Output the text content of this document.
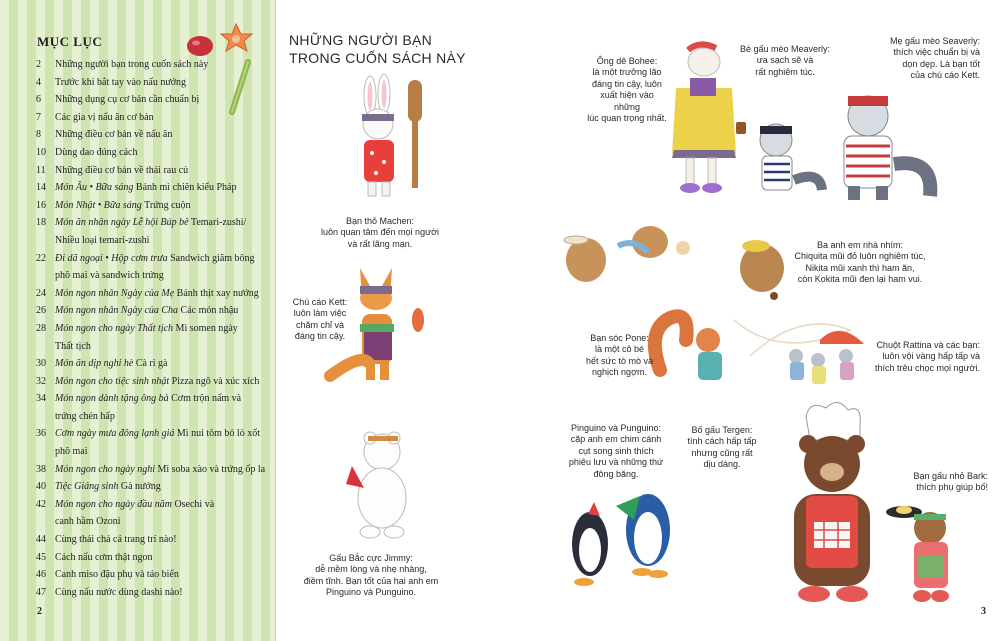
MỤC LỤC
2	Những người bạn trong cuốn sách này
4	Trước khi bắt tay vào nấu nướng
6	Những dụng cụ cơ bản cần chuẩn bị
7	Các gia vị nấu ăn cơ bản
8	Những điều cơ bản về nấu ăn
10 Dùng dao đúng cách
11 Những điều cơ bản về thái rau củ
14 Món Âu • Bữa sáng Bánh mì chiên kiểu Pháp
16 Món Nhật • Bữa sáng Trứng cuộn
18 Món ăn nhân ngày Lễ hội Búp bê Temari-zushi/
Nhiều loại temari-zushi
22 Đi dã ngoại • Hộp cơm trưa Sandwich giăm bông
phô mai và sandwich trứng
24 Món ngon nhân Ngày của Mẹ Bánh thịt xay nướng
26 Món ngon nhân Ngày của Cha Các món nhậu
28 Món ngon cho ngày Thất tịch Mì somen ngày
Thất tịch
30 Món ăn dịp nghỉ hè Cà ri gà
32 Món ngon cho tiệc sinh nhật Pizza ngô và xúc xích
34 Món ngon dành tặng ông bà Cơm trộn nấm và
trứng chén hấp
36 Cơm ngày mưa đông lạnh giá Mì nui tôm bỏ lò xốt
phô mai
38 Món ngon cho ngày nghỉ Mì soba xào và trứng ốp la
40 Tiệc Giáng sinh Gà nướng
42 Món ngon cho ngày đầu năm Osechi và
canh hầm Ozoni
44 Cùng thái chả cá trang trí nào!
45 Cách nấu cơm thật ngon
46 Canh miso đậu phụ và tảo biển
47 Cùng nấu nước dùng dashi nào!
2
NHỮNG NGƯỜI BẠN
TRONG CUỐN SÁCH NÀY
Bạn thỏ Machen:
luôn quan tâm đến mọi người
và rất lãng mạn.
Chú cáo Kett:
luôn làm việc
chăm chỉ và
đáng tin cậy.
Gấu Bắc cực Jimmy:
dễ mềm lòng và nhẹ nhàng,
điềm tĩnh. Bạn tốt của hai anh em
Pinguino và Punguino.
Ông dê Bohee:
là một trưởng lão
đáng tin cậy, luôn
xuất hiện vào những
lúc quan trọng nhất.
Bé gấu mèo Meaverly:
ưa sạch sẽ và
rất nghiêm túc.
Mẹ gấu mèo Seaverly:
thích việc chuẩn bị và
dọn dẹp. Là bạn tốt
của chú cáo Kett.
Ba anh em nhà nhím:
Chiquita mũi đỏ luôn nghiêm túc,
Nikita mũi xanh thì ham ăn,
còn Kokita mũi đen lại ham vui.
Bạn sóc Pone:
là một cô bé
hết sức tò mò và
nghịch ngợm.
Chuột Rattina và các bạn:
luôn vội vàng hấp tấp và
thích trêu chọc mọi người.
Pinguino và Punguino:
cặp anh em chim cánh
cụt song sinh thích
phiêu lưu và những thứ
đông băng.
Bố gấu Tergen:
tính cách hấp tấp
nhưng cũng rất
dịu dàng.
Bạn gấu nhỏ Bark:
thích phụ giúp bố!
3
